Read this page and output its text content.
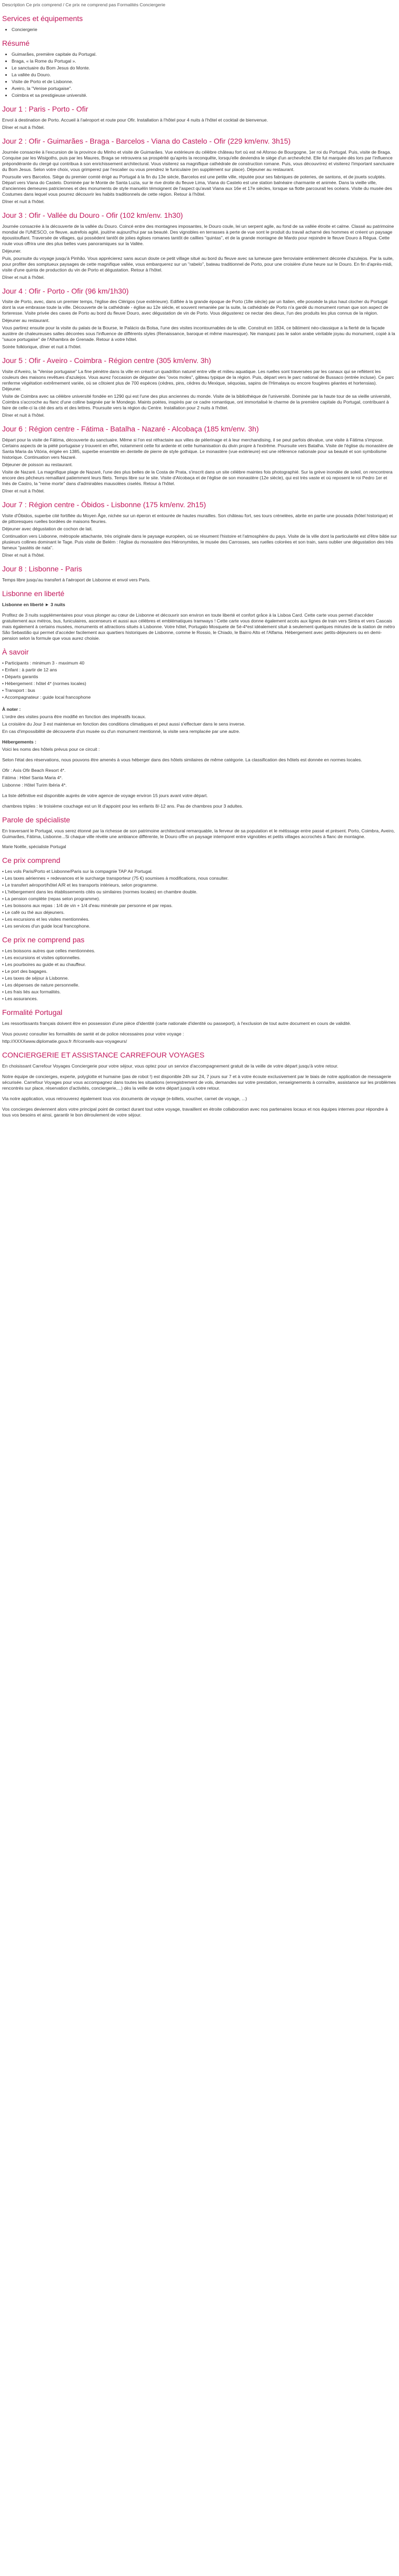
Description Ce prix comprend / Ce prix ne comprend pas Formalités Conciergerie
Services et équipements
• Conciergerie
Résumé
• Guimarães, première capitale du Portugal.
• Braga, « la Rome du Portugal ».
• Le sanctuaire du Bom Jesus do Monte.
• La vallée du Douro.
• Visite de Porto et de Lisbonne.
• Aveiro, la "Venise portugaise".
• Coimbra et sa prestigieuse université.
Jour 1 : Paris - Porto - Ofir

Envol à destination de Porto. Accueil à l'aéroport et route pour Ofir. Installation à l'hôtel pour 4 nuits à l'hôtel et cocktail de bienvenue.

Dîner et nuit à l'hôtel.

Jour 2 : Ofir - Guimarães - Braga - Barcelos - Viana do Castelo - Ofir (229 km/env. 3h15)

Journée consacrée à l'excursion de la province du Minho et visite de Guimarães. Vue extérieure du célèbre château fort où est né Afonso de Bourgogne, 1er roi du Portugal. Puis, visite de Braga. Conquise par les Wisigoths, puis par les Maures, Braga se retrouvera sa prospérité qu'après la reconquête, lorsqu'elle deviendra le siège d'un archevêché. Elle fut marquée dès lors par l'influence prépondérante du clergé qui contribua à son enrichissement architectural. Vous visiterez sa magnifique cathédrale de construction romane. Puis, vous découvrirez et visiterez l'important sanctuaire du Bom Jesus. Selon votre choix, vous grimperez par l'escalier ou vous prendrez le funiculaire (en supplément sur place). Déjeuner au restaurant.

Poursuite vers Barcelos. Siège du premier comté érigé au Portugal à la fin du 13e siècle, Barcelos est une petite ville, réputée pour ses fabriques de poteries, de santons, et de jouets sculptés. Départ vers Viana do Castelo. Dominée par le Monte de Santa Luzia, sur le rive droite du fleuve Lima, Viana do Castelo est une station balnéaire charmante et animée. Dans la vieille ville, d'anciennes demeures patriciennes et des monuments de style manuélin témoignent de l'aspect qu'avait Viana aux 16e et 17e siècles, lorsque sa flotte parcourait les océans. Visite du musée des Costumes dans lequel vous pourrez découvrir les habits traditionnels de cette région. Retour à l'hôtel.

Dîner et nuit à l'hôtel.

Jour 3 : Ofir - Vallée du Douro - Ofir (102 km/env. 1h30)

Journée consacrée à la découverte de la vallée du Douro. Coincé entre des montagnes imposantes, le Douro coule, lei un serpent agile, au fond de sa vallée étroite et calme. Classé au patrimoine mondial de l'UNESCO, ce fleuve, autrefois agité, jouit/ne aujourd'hui par sa beauté. Des vignobles en terrasses à perte de vue sont le produit du travail acharné des hommes et créent un paysage époustouflant. Traversée de villages, qui possèdent tantôt de jolies églises romanes tantôt de caillies "quintas", et de la grande montagne de Mardo pour rejoindre le fleuve Douro à Régua. Cette route vous offrira une des plus belles vues panoramiques sur la Vallée.

Déjeuner.

Puis, poursuite du voyage jusqu'à Pinhão. Vous apprécierez sans aucun doute ce petit village situé au bord du fleuve avec sa lumeuse gare ferroviaire entièrement décorée d'azulejos. Par la suite, pour profiter des somptueux paysages de cette magnifique vallée, vous embarquerez sur un "rabelo", bateau traditionnel de Porto, pour une croisière d'une heure sur le Douro. En fin d'après-midi, visite d'une quinta de production du vin de Porto et dégustation. Retour à l'hôtel.

Dîner et nuit à l'hôtel.

Jour 4 : Ofir - Porto - Ofir (96 km/1h30)

Visite de Porto, avec, dans un premier temps, l'église des Clérigos (vue extérieure). Edifiée à la grande époque de Porto (18e siècle) par un Italien, elle possède la plus haut clocher du Portugal dont la vue embrasse toute la ville. Découverte de la cathédrale - église au 12e siècle, et souvent remaniée par la suite, la cathédrale de Porto n'a gardé du monument roman que son aspect de forteresse. Visite privée des caves de Porto au bord du fleuve Douro, avec dégustation de vin de Porto. Vous dégusterez ce nectar des dieux, l'un des produits les plus connus de la région.

Déjeuner au restaurant.

Vous partirez ensuite pour la visite du palais de la Bourse, le Palácio da Bolsa, l'une des visites incontournables de la ville. Construit en 1834, ce bâtiment néo-classique a la fierté de la façade austère de chaleureuses salles décorées sous l'influence de différents styles (Renaissance, baroque et même mauresque). Ne manquez pas le salon arabe véritable joyau du monument, copié à la "sauce portugaise" de l'Alhambra de Grenade. Retour à votre hôtel.

Soirée folklorique, dîner et nuit à l'hôtel.

Jour 5 : Ofir - Aveiro - Coimbra - Région centre (305 km/env. 3h)

Visite d'Aveiro, la "Venise portugaise" La fine pénètre dans la ville en créant un quadrillon naturel entre ville et milieu aquatique. Les ruelles sont traversées par les canaux qui se reflètent les couleurs des maisons revêtues d'azulejos. Vous aurez l'occasion de déguster des "ovos moles", gâteau typique de la région. Puis, départ vers le parc national de Bussaco (entrée incluse). Ce parc renferme végétation extrêmement variée, où se côtoient plus de 700 espèces (cèdres, pins, cèdres du Mexique, séquoias, sapins de l'Himalaya ou encore fougères géantes et hortensias). Déjeuner.

Visite de Coimbra avec sa célèbre université fondée en 1290 qui est l'une des plus anciennes du monde. Visite de la bibliothèque de l'université. Dominée par la haute tour de sa vieille université, Coimbra s'accroche au flanc d'une colline baignée par le Mondego. Maints poètes, inspirés par ce cadre romantique, ont immortalisé le charme de la première capitale du Portugal, contribuant à faire de celle-ci la cité des arts et des lettres. Poursuite vers la région du Centre. Installation pour 2 nuits à l'hôtel.

Dîner et nuit à l'hôtel.

Jour 6 : Région centre - Fátima - Batalha - Nazaré - Alcobaça (185 km/env. 3h)

Départ pour la visite de Fátima, découverte du sanctuaire. Même si l'on est réfractaire aux villes de pèlerinage et à leur merchandising, il se peut parfois dévalue, une visite à Fátima s'impose. Certains aspects de la piété portugaise y trouvent en effet, notamment cette foi ardente et cette humanisation du divin propre à l'extrême. Poursuite vers Batalha. Visite de l'église du monastère de Santa Maria da Vitória, érigée en 1385, superbe ensemble en dentelle de pierre de style gothique. Le monastère (vue extérieure) est une référence nationale pour sa beauté et son symbolisme historique. Continuation vers Nazaré.

Déjeuner de poisson au restaurant.

Visite de Nazaré. La magnifique plage de Nazaré, l'une des plus belles de la Costa de Prata, s'inscrit dans un site célèbre maintes fois photographié. Sur la grève inondée de soleil, on rencontrera encore des pêcheurs remaillant patiemment leurs filets. Temps libre sur le site. Visite d'Alcobaça et de l'église de son monastère (12e siècle), qui est très vaste et où reposent le roi Pedro 1er et Inès de Castro, la "reine morte" dans d'admirables mausolées ciselés. Retour à l'hôtel.

Dîner et nuit à l'hôtel.

Jour 7 : Région centre - Óbidos - Lisbonne (175 km/env. 2h15)

Visite d'Óbidos, superbe cité fortifiée du Moyen Âge, nichée sur un éperon et entourée de hautes murailles. Son château fort, ses tours crénelées, abrite en partie une pousada (hôtel historique) et de pittoresques ruelles bordées de maisons fleuries.

Déjeuner avec dégustation de cochon de lait.

Continuation vers Lisbonne, métropole attachante, très originale dans le paysage européen, où se résument l'histoire et l'atmosphère du pays. Visite de la ville dont la particularité est d'être bâtie sur plusieurs collines dominant le Tage. Puis visite de Belém : l'église du monastère des Hiéronymites, le musée des Carrosses, ses ruelles colorées et son train, sans oublier une dégustation des très fameux "pastéis de nata".

Dîner et nuit à l'hôtel.

Jour 8 : Lisbonne - Paris

Temps libre jusqu'au transfert à l'aéroport de Lisbonne et envol vers Paris.

Lisbonne en liberté

Lisbonne en liberté ► 3 nuits

Profitez de 3 nuits supplémentaires pour vous plonger au cœur de Lisbonne et découvrir son environ en toute liberté et confort grâce à la Lisboa Card. Cette carte vous permet d'accéder gratuitement aux métros, bus, funiculaires, ascenseurs et aussi aux célèbres et emblématiques tramways ! Cette carte vous donne également accès aux lignes de train vers Sintra et vers Cascais mais également à certains musées, monuments et attractions situés à Lisbonne. Votre hôtel, Portugalo Mosquete de 5é-4*est idéalement situé à seulement quelques minutes de la station de métro São Sebastião qui permet d'accéder facilement aux quartiers historiques de Lisbonne, comme le Rossio, le Chiado, le Bairro Alto et l'Alfama. Hébergement avec petits-déjeuners ou en demi-pension selon la formule que vous aurez choisie.

À savoir
• Participants : minimum 3 - maximum 40
• Enfant : à partir de 12 ans
• Départs garantis
• Hébergement : hôtel 4* (normes locales)
• Transport : bus
• Accompagnateur : guide local francophone

À noter :

L'ordre des visites pourra être modifié en fonction des impératifs locaux.

La croisière du Jour 3 est maintenue en fonction des conditions climatiques et peut aussi s'effectuer dans le sens inverse.

En cas d'impossibilité de découverte d'un musée ou d'un monument mentionné, la visite sera remplacée par une autre.

Hébergements :

Voici les noms des hôtels prévus pour ce circuit :

Selon l'état des réservations, nous pouvons être amenés à vous héberger dans des hôtels similaires de même catégorie. La classification des hôtels est donnée en normes locales.

Ofir : Axis Ofir Beach Resort 4*.

Fátima : Hôtel Santa Maria 4*.

Lisbonne : Hôtel Turim Ibéria 4*.

La liste définitive est disponible auprès de votre agence de voyage environ 15 jours avant votre départ.

chambres triples : le troisième couchage est un lit d'appoint pour les enfants 8/-12 ans. Pas de chambres pour 3 adultes.

Parole de spécialiste

En traversant le Portugal, vous serez étonné par la richesse de son patrimoine architectural remarquable, la ferveur de sa population et le métissage entre passé et présent. Porto, Coimbra, Aveiro, Guimarães, Fátima, Lisbonne...Si chaque ville révèle une ambiance différente, le Douro offre un paysage intemporel entre vignobles et petits villages accrochés à flanc de montagne.

Marie Noëlle, spécialiste Portugal

Ce prix comprend
• Les vols Paris/Porto et Lisbonne/Paris sur la compagnie TAP Air Portugal.
• Les taxes aériennes + redevances et le surcharge transporteur (75 €) soumises à modifications, nous consulter.
• Le transfert aéroport/hôtel A/R et les transports intérieurs, selon programme.
• L'hébergement dans les établissements cités ou similaires (normes locales) en chambre double.
• La pension complète (repas selon programme).
• Les boissons aux repas : 1/4 de vin + 1/4 d'eau minérale par personne et par repas.
• Le café ou thé aux déjeuners.
• Les excursions et les visites mentionnées.
• Les services d'un guide local francophone.
Ce prix ne comprend pas
• Les boissons autres que celles mentionnées.
• Les excursions et visites optionnelles.
• Les pourboires au guide et au chauffeur.
• Le port des bagages.
• Les taxes de séjour à Lisbonne.
• Les dépenses de nature personnelle.
• Les frais liés aux formalités.
• Les assurances.
Formalité Portugal

Les ressortissants français doivent être en possession d'une pièce d'identité (carte nationale d'identité ou passeport), à l'exclusion de tout autre document en cours de validité.

Vous pouvez consulter les formalités de santé et de police nécessaires pour votre voyage :

http://XXXXwww.diplomatie.gouv.fr /fr/conseils-aux-voyageurs/

CONCIERGERIE ET ASSISTANCE CARREFOUR VOYAGES

En choisissant Carrefour Voyages Conciergerie pour votre séjour, vous optez pour un service d'accompagnement gratuit de la veille de votre départ jusqu'à votre retour.

Notre équipe de concierges, experte, polyglotte et humaine (pas de robot !) est disponible 24h sur 24, 7 jours sur 7 et à votre écoute exclusivement par le biais de notre application de messagerie sécurisée. Carrefour Voyages pour vous accompagnez dans toutes les situations (enregistrement de vols, demandes sur votre prestation, renseignements à connaître, assistance sur les problèmes rencontrés sur place, réservation d'activités, conciergerie,...) dès la veille de votre départ jusqu'à votre retour.

Via notre application, vous retrouverez également tous vos documents de voyage (e-billets, voucher, carnet de voyage, ...)

Vos concierges deviennent alors votre principal point de contact durant tout votre voyage, travaillent en étroite collaboration avec nos partenaires locaux et nos équipes internes pour répondre à tous vos besoins et ainsi, garantir le bon déroulement de votre séjour.
